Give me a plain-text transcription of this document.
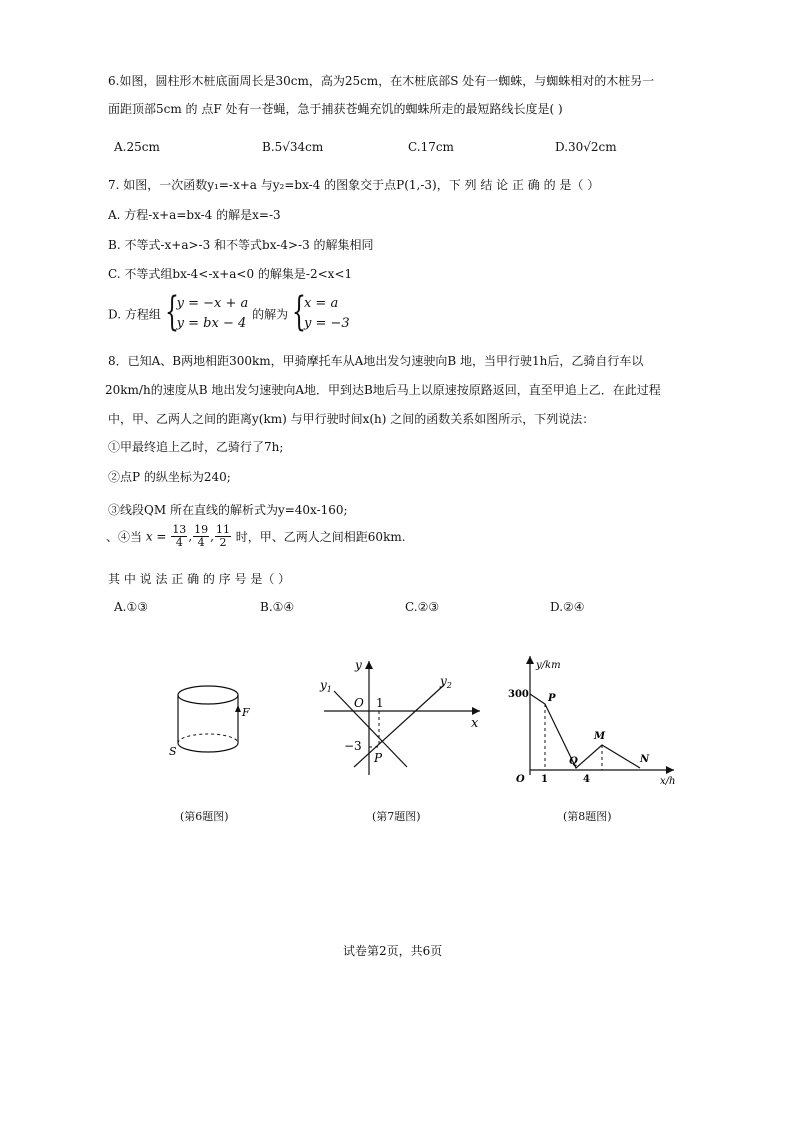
6.如图，圆柱形木桩底面周长是30cm，高为25cm，在木桩底部S 处有一蜘蛛，与蜘蛛相对的木桩另一
面距顶部5cm 的 点F 处有一苍蝇，急于捕获苍蝇充饥的蜘蛛所走的最短路线长度是( )
A.25cm	B.5√34cm	C.17cm	D.30√2cm
7. 如图，一次函数y₁=-x+a 与y₂=bx-4 的图象交于点P(1,-3)，下 列 结 论 正 确 的 是（ ）
A. 方程-x+a=bx-4 的解是x=-3
B. 不等式-x+a>-3 和不等式bx-4>-3 的解集相同
C. 不等式组bx-4<-x+a<0 的解集是-2<x<1
D. 方程组
{ y = −x + a
y = bx − 4
的解为
{ x = a
y = −3
8．已知A、B两地相距300km，甲骑摩托车从A地出发匀速驶向B 地，当甲行驶1h后，乙骑自行车以
20km/h的速度从B 地出发匀速驶向A地．甲到达B地后马上以原速按原路返回，直至甲追上乙．在此过程
中，甲、乙两人之间的距离y(km) 与甲行驶时间x(h) 之间的函数关系如图所示，下列说法：
①甲最终追上乙时，乙骑行了7h;
②点P 的纵坐标为240;
③线段QM 所在直线的解析式为y=40x-160;
、④当 $x = \frac{13}{4}$ , $\frac{19}{4}$ , $\frac{11}{2}$ 时，甲、乙两人之间相距60km.
其 中 说 法 正 确 的 序 号 是（ ）
A.①③	B.①④	C.②③	D.②④
F
S
(第6题图)
$y_1$
$y_2$
O 1
x
y
−3
P
(第7题图)
y/km
300 P
M
Q	N
O 1	4	x/h
(第8题图)
试卷第2页，共6页
